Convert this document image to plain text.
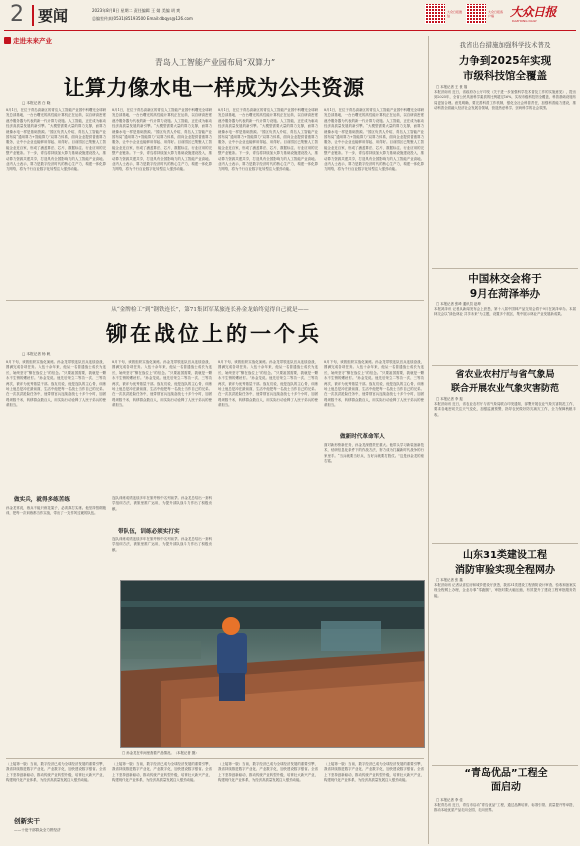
2 要闻	2023年8月8日 星期二 责任编辑 王 婧 美编 胡 爽
总编室传真(0531)85193500 Email:dbqys@126.com
大众日报微信
大众日报客户端	大众日报
DAZHONG DAILY
走进未来产业
青岛人工智能产业园布局“双算力”
让算力像水电一样成为公共资源
□ 本报记者 白 晓
8月1日，在位于青岛高新区的青岛人工智能产业园中科曙光全球研发总部基地，一台台曙光的高性能计算机正在运转，以自研高密度液冷服务器为代表的新一代计算力设施。人工智能，正在成为驱动经济高质量发展的新引擎。“大模型需要大量的算力支撑，而算力就像水电一样是基础资源。”园区负责人介绍，青岛人工智能产业园布局“通用算力+智能算力”双算力体系，面向企业提供普惠算力服务，让中小企业也能够用得起、用得好。目前园区已集聚人工智能企业近百家，形成了涵盖算法、芯片、数据标注、行业应用的完整产业链条。下一步，青岛将持续加大算力基础设施建设投入，推动算力资源共建共享，打造具有全国影响力的人工智能产业高地。业内人士表示，算力是数字经济时代的核心生产力，构建一体化算力网络，将为千行百业数字化转型注入强劲动能。
8月1日，在位于青岛高新区的青岛人工智能产业园中科曙光全球研发总部基地，一台台曙光的高性能计算机正在运转，以自研高密度液冷服务器为代表的新一代计算力设施。人工智能，正在成为驱动经济高质量发展的新引擎。“大模型需要大量的算力支撑，而算力就像水电一样是基础资源。”园区负责人介绍，青岛人工智能产业园布局“通用算力+智能算力”双算力体系，面向企业提供普惠算力服务，让中小企业也能够用得起、用得好。目前园区已集聚人工智能企业近百家，形成了涵盖算法、芯片、数据标注、行业应用的完整产业链条。下一步，青岛将持续加大算力基础设施建设投入，推动算力资源共建共享，打造具有全国影响力的人工智能产业高地。业内人士表示，算力是数字经济时代的核心生产力，构建一体化算力网络，将为千行百业数字化转型注入强劲动能。
8月1日，在位于青岛高新区的青岛人工智能产业园中科曙光全球研发总部基地，一台台曙光的高性能计算机正在运转，以自研高密度液冷服务器为代表的新一代计算力设施。人工智能，正在成为驱动经济高质量发展的新引擎。“大模型需要大量的算力支撑，而算力就像水电一样是基础资源。”园区负责人介绍，青岛人工智能产业园布局“通用算力+智能算力”双算力体系，面向企业提供普惠算力服务，让中小企业也能够用得起、用得好。目前园区已集聚人工智能企业近百家，形成了涵盖算法、芯片、数据标注、行业应用的完整产业链条。下一步，青岛将持续加大算力基础设施建设投入，推动算力资源共建共享，打造具有全国影响力的人工智能产业高地。业内人士表示，算力是数字经济时代的核心生产力，构建一体化算力网络，将为千行百业数字化转型注入强劲动能。
8月1日，在位于青岛高新区的青岛人工智能产业园中科曙光全球研发总部基地，一台台曙光的高性能计算机正在运转，以自研高密度液冷服务器为代表的新一代计算力设施。人工智能，正在成为驱动经济高质量发展的新引擎。“大模型需要大量的算力支撑，而算力就像水电一样是基础资源。”园区负责人介绍，青岛人工智能产业园布局“通用算力+智能算力”双算力体系，面向企业提供普惠算力服务，让中小企业也能够用得起、用得好。目前园区已集聚人工智能企业近百家，形成了涵盖算法、芯片、数据标注、行业应用的完整产业链条。下一步，青岛将持续加大算力基础设施建设投入，推动算力资源共建共享，打造具有全国影响力的人工智能产业高地。业内人士表示，算力是数字经济时代的核心生产力，构建一体化算力网络，将为千行百业数字化转型注入强劲动能。
从“金牌检工”到“钢铁连长”，第71集团军某旅连长孙金龙始终觉得自己就是——
铆在战位上的一个兵
□ 本报记者 杨 帆
8月下旬，该旅组织实战化演练。孙金龙带领连队官兵连续奋战，圆满完成各项任务。入伍十余年来，他从一名普通战士成长为连长，始终坚守“铆在战位上”的信念。“只要祖国需要，我就是一颗永不生锈的螺丝钉。”孙金龙说。他先后荣立二等功一次、三等功两次，被评为优秀基层干部。战友们说，他是连队的主心骨，训练场上他总是冲在最前面，生活中他把每一名战士当作自己的兄弟。在一次抗洪抢险任务中，他带领官兵连续奋战七十多个小时，加固堤坝数千米，转移群众数百人，用实际行动诠释了人民子弟兵的使命担当。
做实兵，就得多练苦练
孙金龙常说，练兵不能只练花架子，必须真打实练。他坚持按纲施训，把每一次训练都当作实战，带出了一支作风过硬的队伍。
8月下旬，该旅组织实战化演练。孙金龙带领连队官兵连续奋战，圆满完成各项任务。入伍十余年来，他从一名普通战士成长为连长，始终坚守“铆在战位上”的信念。“只要祖国需要，我就是一颗永不生锈的螺丝钉。”孙金龙说。他先后荣立二等功一次、三等功两次，被评为优秀基层干部。战友们说，他是连队的主心骨，训练场上他总是冲在最前面，生活中他把每一名战士当作自己的兄弟。在一次抗洪抢险任务中，他带领官兵连续奋战七十多个小时，加固堤坝数千米，转移群众数百人，用实际行动诠释了人民子弟兵的使命担当。
带队伍，训练必须实打实
连队训练成绩连续多年在旅考核中名列前茅。孙金龙总结出一套科学组训方法，被旅里推广运用，为提升部队战斗力作出了积极贡献。
连队训练成绩连续多年在旅考核中名列前茅。孙金龙总结出一套科学组训方法，被旅里推广运用，为提升部队战斗力作出了积极贡献。
8月下旬，该旅组织实战化演练。孙金龙带领连队官兵连续奋战，圆满完成各项任务。入伍十余年来，他从一名普通战士成长为连长，始终坚守“铆在战位上”的信念。“只要祖国需要，我就是一颗永不生锈的螺丝钉。”孙金龙说。他先后荣立二等功一次、三等功两次，被评为优秀基层干部。战友们说，他是连队的主心骨，训练场上他总是冲在最前面，生活中他把每一名战士当作自己的兄弟。在一次抗洪抢险任务中，他带领官兵连续奋战七十多个小时，加固堤坝数千米，转移群众数百人，用实际行动诠释了人民子弟兵的使命担当。
8月下旬，该旅组织实战化演练。孙金龙带领连队官兵连续奋战，圆满完成各项任务。入伍十余年来，他从一名普通战士成长为连长，始终坚守“铆在战位上”的信念。“只要祖国需要，我就是一颗永不生锈的螺丝钉。”孙金龙说。他先后荣立二等功一次、三等功两次，被评为优秀基层干部。战友们说，他是连队的主心骨，训练场上他总是冲在最前面，生活中他把每一名战士当作自己的兄弟。在一次抗洪抢险任务中，他带领官兵连续奋战七十多个小时，加固堤坝数千米，转移群众数百人，用实际行动诠释了人民子弟兵的使命担当。
做新时代革命军人
面对新形势新任务，孙金龙深感责任重大。他带头学习新装备新技术，钻研信息化条件下的作战方法，努力成为打赢新时代战争的行家里手。“当兵就要当好兵，当好兵就要打胜仗。”这是孙金龙的座右铭。
□ 孙金龙在车间里查看产品情况。（本报记者 摄）
（上接第一版）当前，数字经济已成为全球经济发展的重要引擎，我省持续推进数字产业化、产业数字化，加快建设数字强省。全省上下坚持创新驱动，推动传统产业转型升级，培育壮大新兴产业，构建现代化产业体系，为经济高质量发展注入强劲动能。
创新实干
——十论干部群众全力拼经济
（上接第一版）当前，数字经济已成为全球经济发展的重要引擎，我省持续推进数字产业化、产业数字化，加快建设数字强省。全省上下坚持创新驱动，推动传统产业转型升级，培育壮大新兴产业，构建现代化产业体系，为经济高质量发展注入强劲动能。
（上接第一版）当前，数字经济已成为全球经济发展的重要引擎，我省持续推进数字产业化、产业数字化，加快建设数字强省。全省上下坚持创新驱动，推动传统产业转型升级，培育壮大新兴产业，构建现代化产业体系，为经济高质量发展注入强劲动能。
（上接第一版）当前，数字经济已成为全球经济发展的重要引擎，我省持续推进数字产业化、产业数字化，加快建设数字强省。全省上下坚持创新驱动，推动传统产业转型升级，培育壮大新兴产业，构建现代化产业体系，为经济高质量发展注入强劲动能。
我省出台措施加强科学技术普及
力争到2025年实现
市级科技馆全覆盖
□ 本报记者 王 世 翔
本报济南讯 近日，省政府办公厅印发《关于进一步加强科学技术普及工作的实施意见》，提出到2025年，全省公民具备科学素质的比例超过16%，实现市级科技馆全覆盖，科普基础设施布局更加合理。意见明确，要完善科普工作机制，强化全社会科普责任，加强科普能力建设，推动科普全面融入经济社会发展各领域，营造热爱科学、崇尚科学的社会氛围。
中国林交会将于
9月在菏泽举办
□ 本报记者 张琦 通讯员 赵坤
本报菏泽讯 记者从新闻发布会上获悉，第十八届中国林产品交易会将于9月在菏泽举办。本届林交会以“绿色林业 共享未来”为主题，设置多个展区，集中展示林业产业发展新成果。
省农业农村厅与省气象局
联合开展农业气象灾害防范
□ 本报记者 李 振
本报济南讯 近日，省农业农村厅与省气象局联合印发通知，部署开展农业气象灾害防范工作，要求各地密切关注天气变化，加强监测预警，指导农民做好防灾减灾工作，全力保障秋粮丰收。
山东31类建设工程
消防审验实现全程网办
□ 本报记者 张 鑫
本报济南讯 记者从省住房和城乡建设厅获悉，我省31类建设工程消防设计审查、验收和备案实现全程网上办理，企业办事“零跑腿”，审批时限大幅压缩，有效提升了建设工程审批服务效能。
“青岛优品”工程全面启动
□ 本报记者 李 佳
本报青岛讯 近日，青岛市启动“青岛优品”工程，通过品牌培育、标准引领、质量提升等举措，推动本地优质产品走向全国、走向世界。
